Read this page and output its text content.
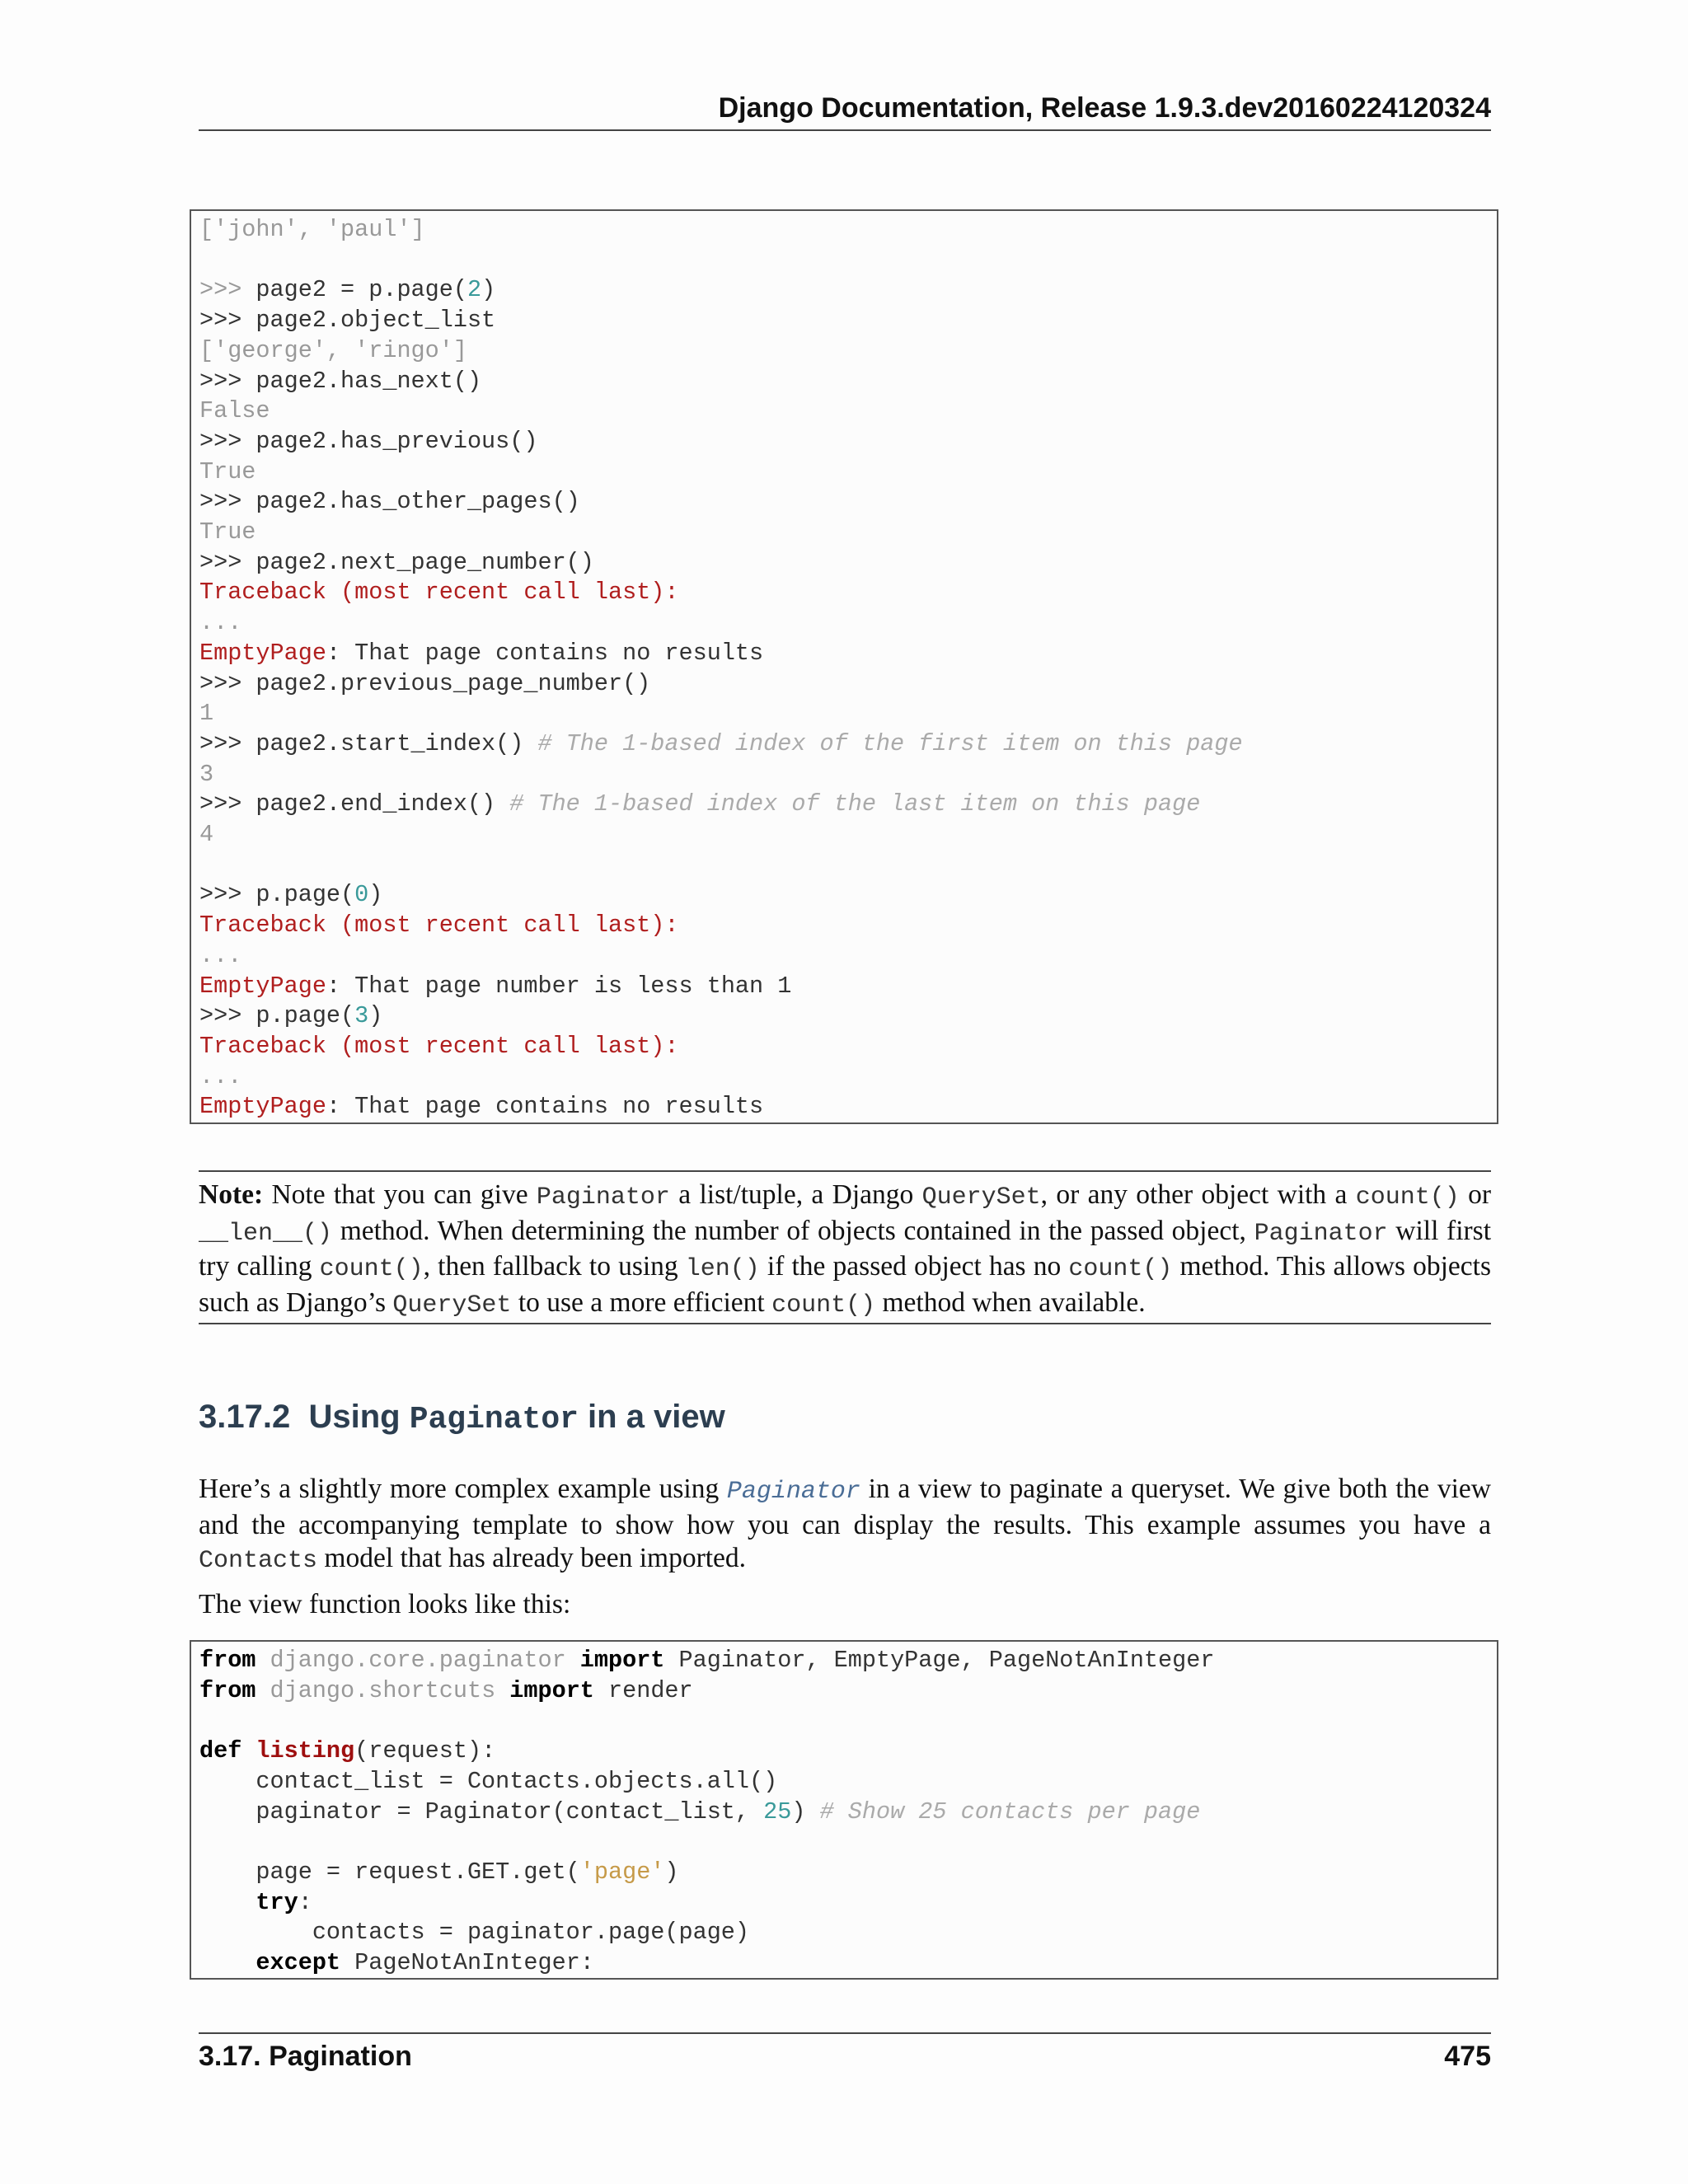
Django Documentation, Release 1.9.3.dev20160224120324
['john', 'paul']

>>> page2 = p.page(2)
>>> page2.object_list
['george', 'ringo']
>>> page2.has_next()
False
>>> page2.has_previous()
True
>>> page2.has_other_pages()
True
>>> page2.next_page_number()
Traceback (most recent call last):
...
EmptyPage: That page contains no results
>>> page2.previous_page_number()
1
>>> page2.start_index() # The 1-based index of the first item on this page
3
>>> page2.end_index() # The 1-based index of the last item on this page
4

>>> p.page(0)
Traceback (most recent call last):
...
EmptyPage: That page number is less than 1
>>> p.page(3)
Traceback (most recent call last):
...
EmptyPage: That page contains no results
Note: Note that you can give Paginator a list/tuple, a Django QuerySet, or any other object with a count() or __len__() method. When determining the number of objects contained in the passed object, Paginator will first try calling count(), then fallback to using len() if the passed object has no count() method. This allows objects such as Django’s QuerySet to use a more efficient count() method when available.
3.17.2 Using Paginator in a view
Here’s a slightly more complex example using Paginator in a view to paginate a queryset. We give both the view and the accompanying template to show how you can display the results. This example assumes you have a Contacts model that has already been imported.
The view function looks like this:
from django.core.paginator import Paginator, EmptyPage, PageNotAnInteger
from django.shortcuts import render

def listing(request):
contact_list = Contacts.objects.all()
paginator = Paginator(contact_list, 25) # Show 25 contacts per page

page = request.GET.get('page')
try:
contacts = paginator.page(page)
except PageNotAnInteger:
3.17. Pagination	475
